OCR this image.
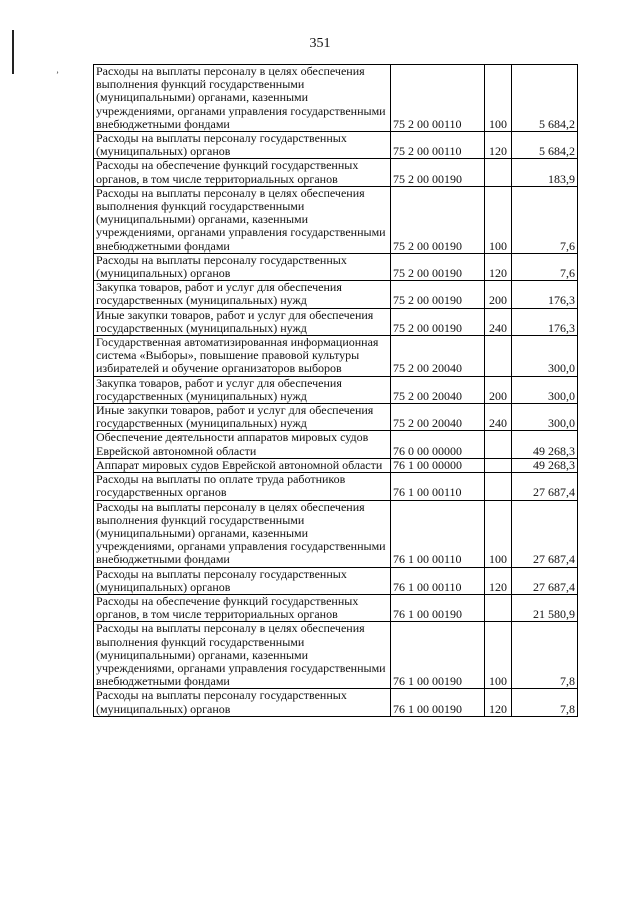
’
351
Расходы на выплаты персоналу в целях обеспечения выполнения функций государственными (муниципальными) органами, казенными учреждениями, органами управления государственными внебюджетными фондами	75 2 00 00110	100	5 684,2
Расходы на выплаты персоналу государственных (муниципальных) органов	75 2 00 00110	120	5 684,2
Расходы на обеспечение функций государственных органов, в том числе территориальных органов	75 2 00 00190		183,9
Расходы на выплаты персоналу в целях обеспечения выполнения функций государственными (муниципальными) органами, казенными учреждениями, органами управления государственными внебюджетными фондами	75 2 00 00190	100	7,6
Расходы на выплаты персоналу государственных (муниципальных) органов	75 2 00 00190	120	7,6
Закупка товаров, работ и услуг для обеспечения государственных (муниципальных) нужд	75 2 00 00190	200	176,3
Иные закупки товаров, работ и услуг для обеспечения государственных (муниципальных) нужд	75 2 00 00190	240	176,3
Государственная автоматизированная информационная система «Выборы», повышение правовой культуры избирателей и обучение организаторов выборов	75 2 00 20040		300,0
Закупка товаров, работ и услуг для обеспечения государственных (муниципальных) нужд	75 2 00 20040	200	300,0
Иные закупки товаров, работ и услуг для обеспечения государственных (муниципальных) нужд	75 2 00 20040	240	300,0
Обеспечение деятельности аппаратов мировых судов Еврейской автономной области	76 0 00 00000		49 268,3
Аппарат мировых судов Еврейской автономной области	76 1 00 00000		49 268,3
Расходы на выплаты по оплате труда работников государственных органов	76 1 00 00110		27 687,4
Расходы на выплаты персоналу в целях обеспечения выполнения функций государственными (муниципальными) органами, казенными учреждениями, органами управления государственными внебюджетными фондами	76 1 00 00110	100	27 687,4
Расходы на выплаты персоналу государственных (муниципальных) органов	76 1 00 00110	120	27 687,4
Расходы на обеспечение функций государственных органов, в том числе территориальных органов	76 1 00 00190		21 580,9
Расходы на выплаты персоналу в целях обеспечения выполнения функций государственными (муниципальными) органами, казенными учреждениями, органами управления государственными внебюджетными фондами	76 1 00 00190	100	7,8
Расходы на выплаты персоналу государственных (муниципальных) органов	76 1 00 00190	120	7,8
